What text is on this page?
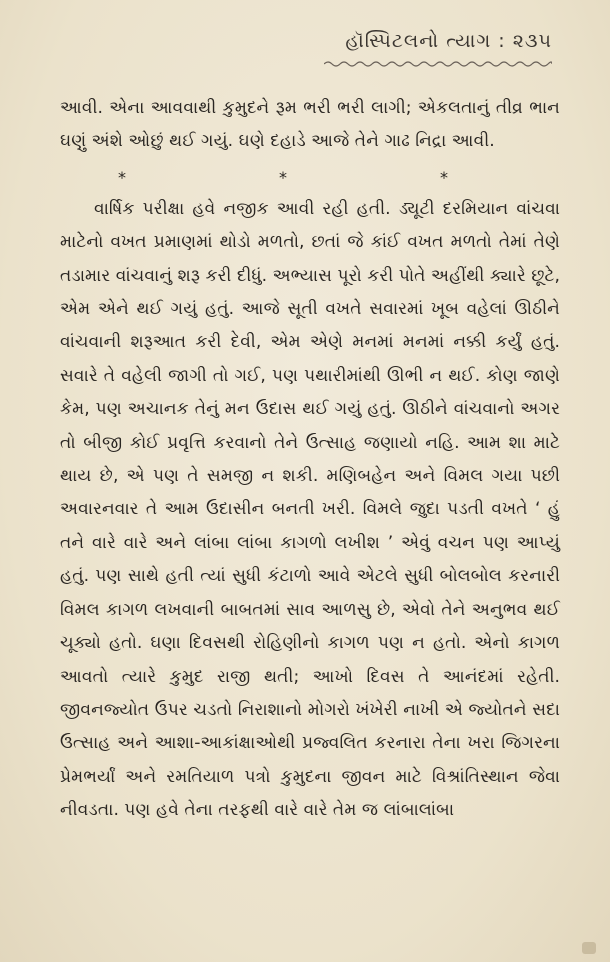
હૉસ્પિટલનો ત્યાગ : ૨૩૫

આવી. એના આવવાથી કુમુદને રૂમ ભરી ભરી લાગી; એકલતાનું તીવ્ર ભાન ઘણું અંશે ઓછું થઈ ગયું. ઘણે દહાડે આજે તેને ગાઢ નિદ્રા આવી.

*	*	*

વાર્ષિક પરીક્ષા હવે નજીક આવી રહી હતી. ડ્યૂટી દરમિયાન વાંચવા માટેનો વખત પ્રમાણમાં થોડો મળતો, છતાં જે કાંઈ વખત મળતો તેમાં તેણે તડામાર વાંચવાનું શરૂ કરી દીધું. અભ્યાસ પૂરો કરી પોતે અહીંથી ક્યારે છૂટે, એમ એને થઈ ગયું હતું. આજે સૂતી વખતે સવારમાં ખૂબ વહેલાં ઊઠીને વાંચવાની શરૂઆત કરી દેવી, એમ એણે મનમાં મનમાં નક્કી કર્યું હતું. સવારે તે વહેલી જાગી તો ગઈ, પણ પથારીમાંથી ઊભી ન થઈ. કોણ જાણે કેમ, પણ અચાનક તેનું મન ઉદાસ થઈ ગયું હતું. ઊઠીને વાંચવાનો અગર તો બીજી કોઈ પ્રવૃત્તિ કરવાનો તેને ઉત્સાહ જણાયો નહિ. આમ શા માટે થાય છે, એ પણ તે સમજી ન શકી. મણિબહેન અને વિમલ ગયા પછી અવારનવાર તે આમ ઉદાસીન બનતી ખરી. વિમલે જુદા પડતી વખતે ‘ હું તને વારે વારે અને લાંબા લાંબા કાગળો લખીશ ’ એવું વચન પણ આપ્યું હતું. પણ સાથે હતી ત્યાં સુધી કંટાળો આવે એટલે સુધી બોલબોલ કરનારી વિમલ કાગળ લખવાની બાબતમાં સાવ આળસુ છે, એવો તેને અનુભવ થઈ ચૂક્યો હતો. ઘણા દિવસથી રોહિણીનો કાગળ પણ ન હતો. એનો કાગળ આવતો ત્યારે કુમુદ રાજી થતી; આખો દિવસ તે આનંદમાં રહેતી. જીવનજ્યોત ઉપર ચડતો નિરાશાનો મોગરો ખંખેરી નાખી એ જ્યોતને સદા ઉત્સાહ અને આશા-આકાંક્ષાઓથી પ્રજ્વલિત કરનારા તેના ખરા જિગરના પ્રેમભર્યાં અને રમતિયાળ પત્રો કુમુદના જીવન માટે વિશ્રાંતિસ્થાન જેવા નીવડતા. પણ હવે તેના તરફથી વારે વારે તેમ જ લાંબાલાંબા
